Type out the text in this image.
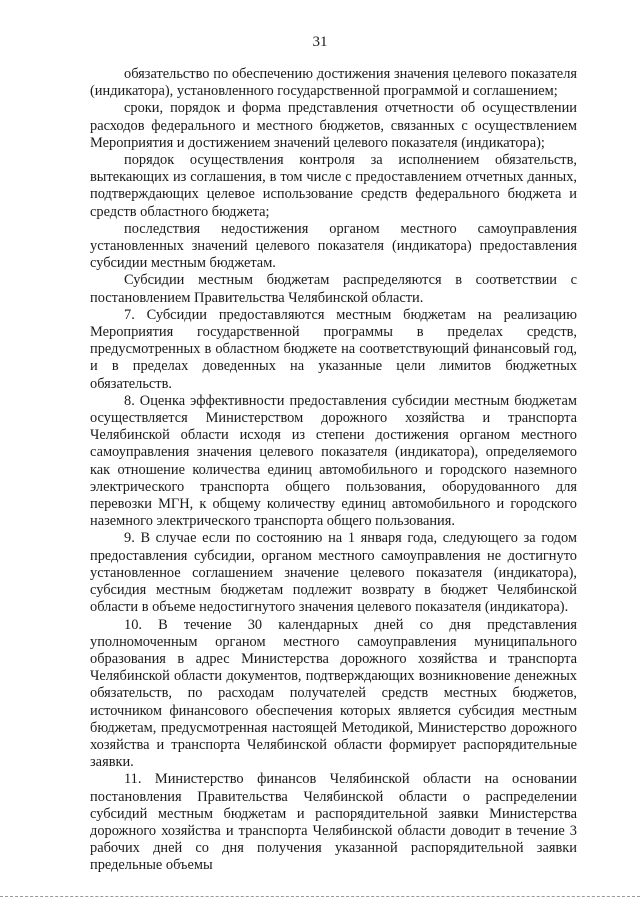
31

обязательство по обеспечению достижения значения целевого показателя (индикатора), установленного государственной программой и соглашением;

сроки, порядок и форма представления отчетности об осуществлении расходов федерального и местного бюджетов, связанных с осуществлением Мероприятия и достижением значений целевого показателя (индикатора);

порядок осуществления контроля за исполнением обязательств, вытекающих из соглашения, в том числе с предоставлением отчетных данных, подтверждающих целевое использование средств федерального бюджета и средств областного бюджета;

последствия недостижения органом местного самоуправления установленных значений целевого показателя (индикатора) предоставления субсидии местным бюджетам.

Субсидии местным бюджетам распределяются в соответствии с постановлением Правительства Челябинской области.

7. Субсидии предоставляются местным бюджетам на реализацию Мероприятия государственной программы в пределах средств, предусмотренных в областном бюджете на соответствующий финансовый год, и в пределах доведенных на указанные цели лимитов бюджетных обязательств.

8. Оценка эффективности предоставления субсидии местным бюджетам осуществляется Министерством дорожного хозяйства и транспорта Челябинской области исходя из степени достижения органом местного самоуправления значения целевого показателя (индикатора), определяемого как отношение количества единиц автомобильного и городского наземного электрического транспорта общего пользования, оборудованного для перевозки МГН, к общему количеству единиц автомобильного и городского наземного электрического транспорта общего пользования.

9. В случае если по состоянию на 1 января года, следующего за годом предоставления субсидии, органом местного самоуправления не достигнуто установленное соглашением значение целевого показателя (индикатора), субсидия местным бюджетам подлежит возврату в бюджет Челябинской области в объеме недостигнутого значения целевого показателя (индикатора).

10. В течение 30 календарных дней со дня представления уполномоченным органом местного самоуправления муниципального образования в адрес Министерства дорожного хозяйства и транспорта Челябинской области документов, подтверждающих возникновение денежных обязательств, по расходам получателей средств местных бюджетов, источником финансового обеспечения которых является субсидия местным бюджетам, предусмотренная настоящей Методикой, Министерство дорожного хозяйства и транспорта Челябинской области формирует распорядительные заявки.

11. Министерство финансов Челябинской области на основании постановления Правительства Челябинской области о распределении субсидий местным бюджетам и распорядительной заявки Министерства дорожного хозяйства и транспорта Челябинской области доводит в течение 3 рабочих дней со дня получения указанной распорядительной заявки предельные объемы
